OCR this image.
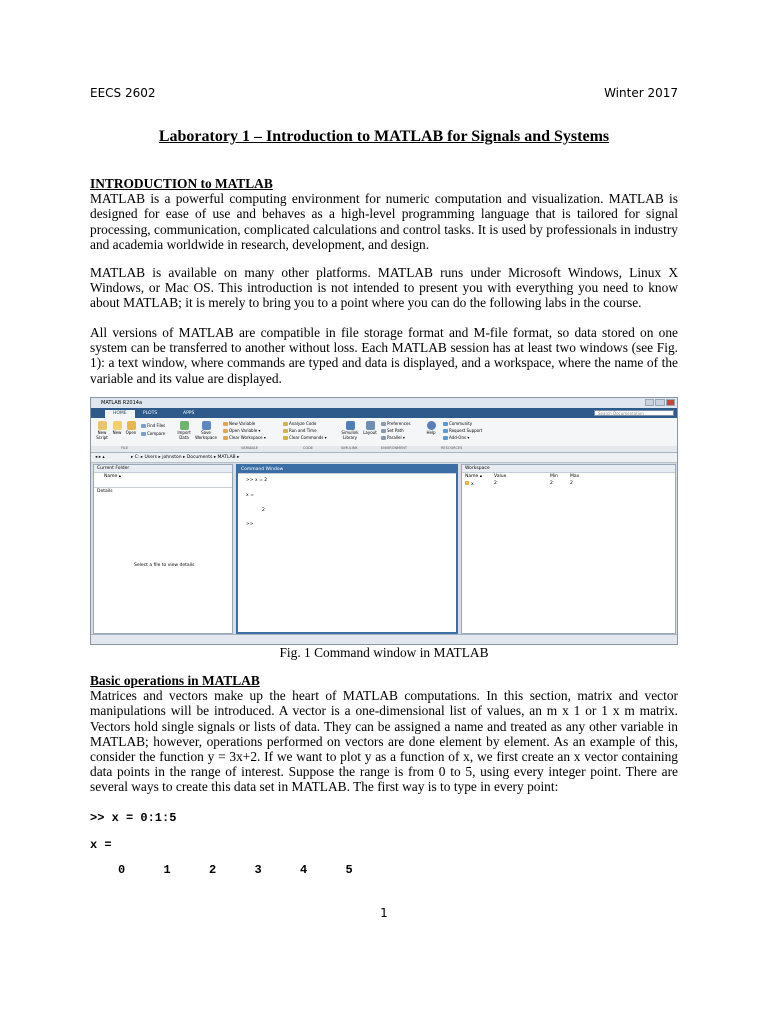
EECS 2602	Winter 2017
Laboratory 1 – Introduction to MATLAB for Signals and Systems
INTRODUCTION to MATLAB

MATLAB is a powerful computing environment for numeric computation and visualization. MATLAB is designed for ease of use and behaves as a high-level programming language that is tailored for signal processing, communication, complicated calculations and control tasks. It is used by professionals in industry and academia worldwide in research, development, and design.

MATLAB is available on many other platforms. MATLAB runs under Microsoft Windows, Linux X Windows, or Mac OS. This introduction is not intended to present you with everything you need to know about MATLAB; it is merely to bring you to a point where you can do the following labs in the course.

All versions of MATLAB are compatible in file storage format and M-file format, so data stored on one system can be transferred to another without loss. Each MATLAB session has at least two windows (see Fig. 1): a text window, where commands are typed and data is displayed, and a workspace, where the name of the variable and its value are displayed.

MATLAB R2014a
HOME	PLOTS	APPS	Search Documentation
New Script
New	Open
Find Files
Compare	Import Data
Save Workspace
New Variable
Open Variable ▾
Clear Workspace ▾
Analyze Code
Run and Time
Clear Commands ▾
Simulink Library
Layout
Preferences
Set Path
Parallel ▾
Help
Community
Request Support
Add-Ons ▾
FILE	VARIABLE	CODE	SIMULINK	ENVIRONMENT	RESOURCES
◂ ▸ ▴	▸ C: ▸ Users ▸ johnston ▸ Documents ▸ MATLAB ▸
Current Folder
Name ▴
Details
Select a file to view details
Command Window
>> x = 2
x =
2
>>
Workspace
Name ▴	Value	Min	Max
x	2	2	2
Fig. 1 Command window in MATLAB
Basic operations in MATLAB

Matrices and vectors make up the heart of MATLAB computations. In this section, matrix and vector manipulations will be introduced. A vector is a one-dimensional list of values, an m x 1 or 1 x m matrix. Vectors hold single signals or lists of data. They can be assigned a name and treated as any other variable in MATLAB; however, operations performed on vectors are done element by element. As an example of this, consider the function y = 3x+2. If we want to plot y as a function of x, we first create an x vector containing data points in the range of interest. Suppose the range is from 0 to 5, using every integer point. There are several ways to create this data set in MATLAB. The first way is to type in every point:

>> x = 0:1:5
x =
0	1	2	3	4	5
1
